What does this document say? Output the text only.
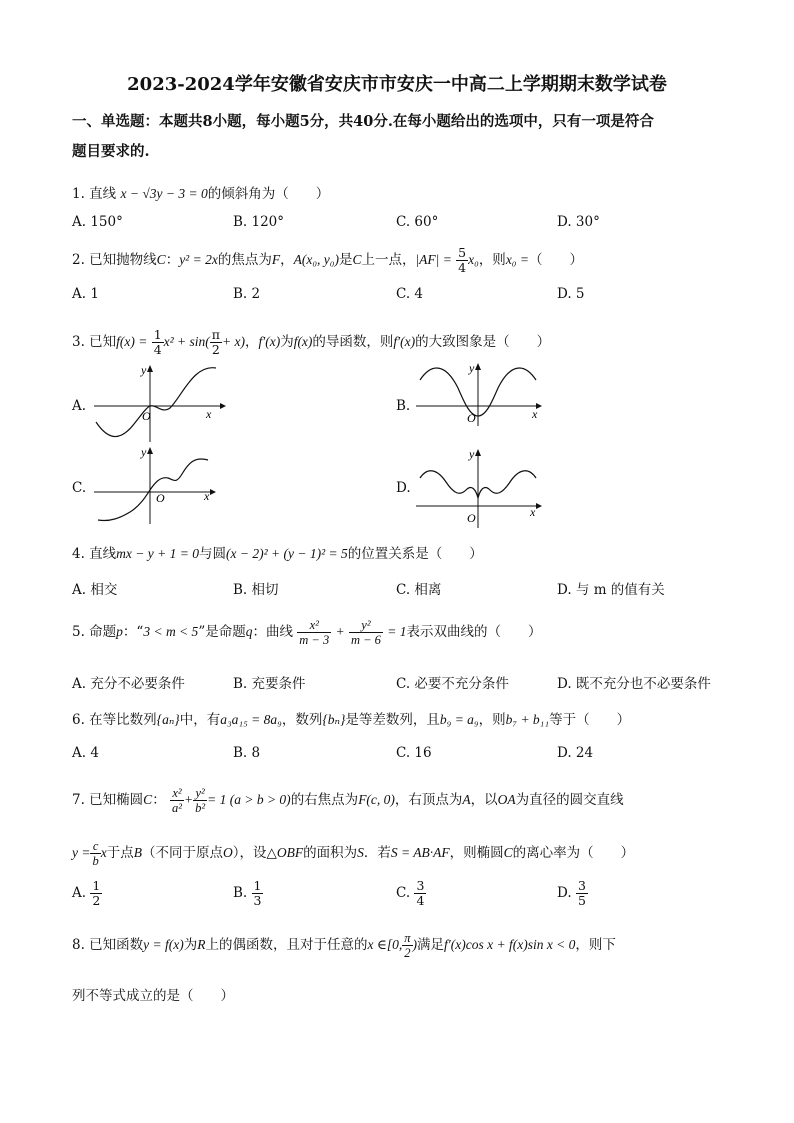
2023-2024学年安徽省安庆市市安庆一中高二上学期期末数学试卷
一、单选题：本题共8小题，每小题5分，共40分.在每小题给出的选项中，只有一项是符合
题目要求的.
1. 直线 x − √3y − 3 = 0的倾斜角为（　　）
A. 150°	B. 120°	C. 60°	D. 30°
2. 已知抛物线C：y² = 2x的焦点为F，A(x₀, y₀)是C上一点，$|AF| = \frac{5}{4} x_0$，则x₀ =（　　）
A. 1	B. 2	C. 4	D. 5
3. 已知$f(x) = \frac{1}{4} x^2 + \sin( \frac{\pi}{2} + x)$，f′(x)为f(x)的导函数，则f′(x)的大致图象是（　　）
A.
y
x
O
B.
y
x
O
C.
y
x
O
D.
y
x
O
4. 直线mx − y + 1 = 0与圆(x − 2)² + (y − 1)² = 5的位置关系是（　　）
A. 相交	B. 相切	C. 相离	D. 与 m 的值有关
5. 命题p：“3 < m < 5”是命题q：曲线 $\frac{\text{x²}}{m - 3} + \frac{\text{y²}}{m - 6} = 1$表示双曲线的（　　）
A. 充分不必要条件	B. 充要条件	C. 必要不充分条件	D. 既不充分也不必要条件
6. 在等比数列{aₙ}中，有a₃a₁₅ = 8a₉，数列{bₙ}是等差数列，且b₉ = a₉，则b₇ + b₁₁等于（　　）
A. 4	B. 8	C. 16	D. 24
7. 已知椭圆C： $\frac{\text{x²}}{\text{a²}} + \frac{\text{y²}}{\text{b²}} = 1$ (a > b > 0)的右焦点为F(c, 0)，右顶点为A，以OA为直径的圆交直线
$y = \frac{c}{b}$ x于点B（不同于原点O），设△OBF的面积为S．若S = AB·AF，则椭圆C的离心率为（　　）
A. $\frac{1}{2}$	B. $\frac{1}{3}$	C. $\frac{3}{4}$	D. $\frac{3}{5}$
8. 已知函数y = f(x)为R上的偶函数，且对于任意的x ∈[0, $\frac{\pi}{2}$ )满足f′(x)cos x + f(x)sin x < 0，则下
列不等式成立的是（　　）
